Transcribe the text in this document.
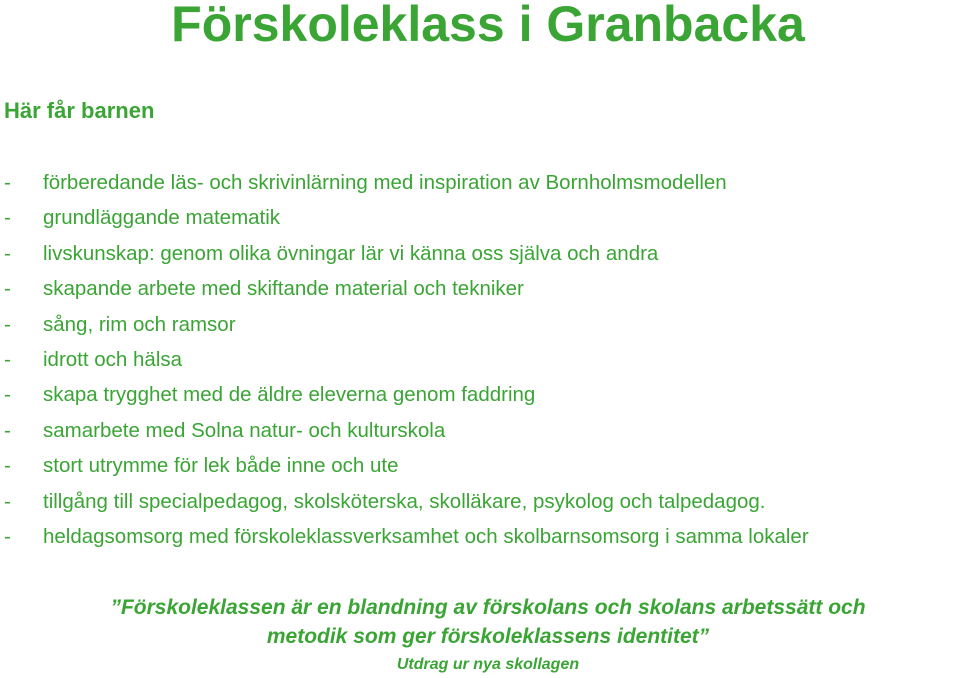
Förskoleklass i Granbacka
Här får barnen
- förberedande läs- och skrivinlärning med inspiration av Bornholmsmodellen
- grundläggande matematik
- livskunskap: genom olika övningar lär vi känna oss själva och andra
- skapande arbete med skiftande material och tekniker
- sång, rim och ramsor
- idrott och hälsa
- skapa trygghet med de äldre eleverna genom faddring
- samarbete med Solna natur- och kulturskola
- stort utrymme för lek både inne och ute
- tillgång till specialpedagog, skolsköterska, skolläkare, psykolog och talpedagog.
- heldagsomsorg med förskoleklassverksamhet och skolbarnsomsorg i samma lokaler
”Förskoleklassen är en blandning av förskolans och skolans arbetssätt och
metodik som ger förskoleklassens identitet”
Utdrag ur nya skollagen
